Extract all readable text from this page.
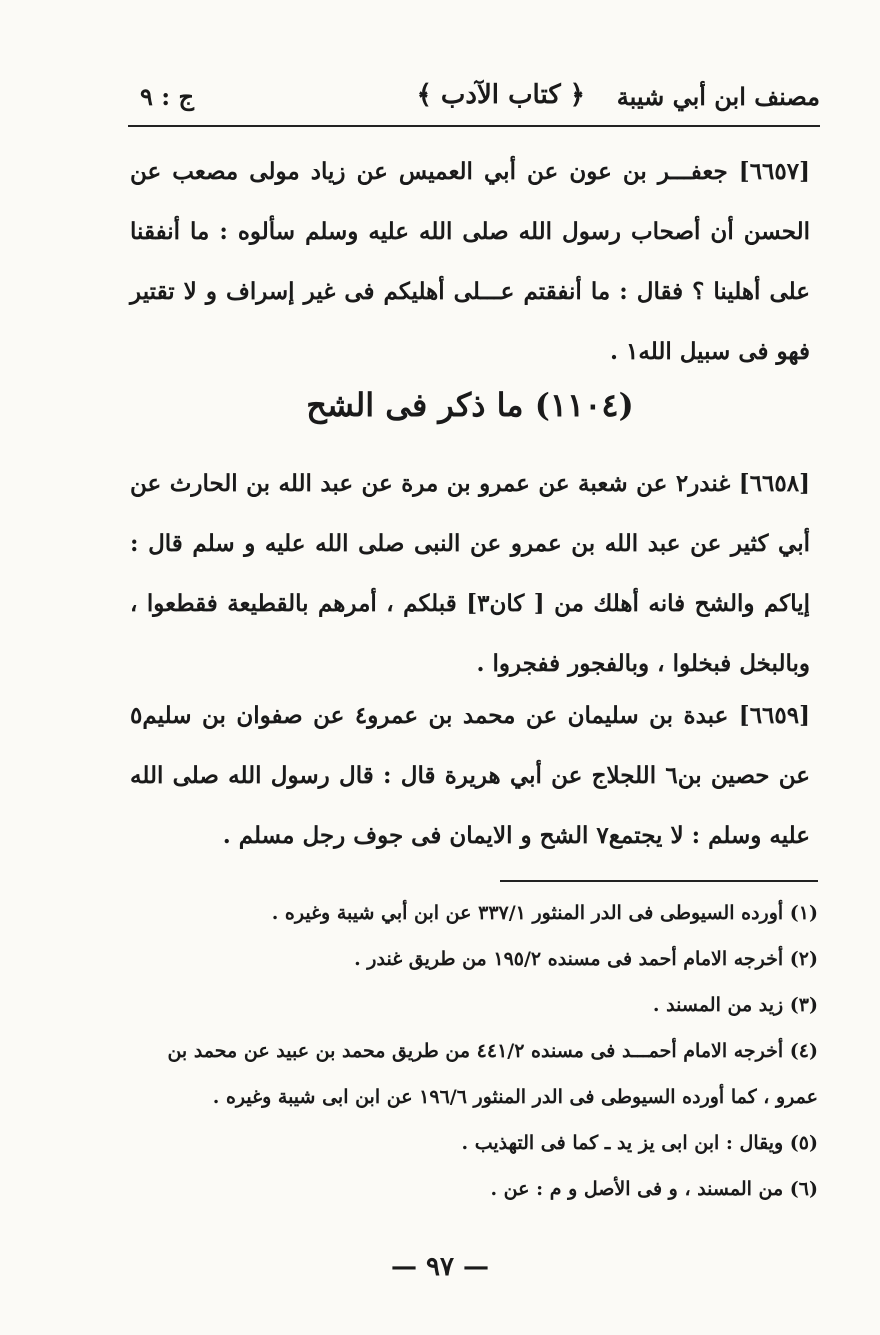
مصنف ابن أبي شيبة
﴿ كتاب الآدب ﴾
ج : ٩

[٦٦٥٧] جعفـــر بن عون عن أبي العميس عن زياد مولى مصعب عن الحسن أن أصحاب رسول الله صلى الله عليه وسلم سألوه : ما أنفقنا على أهلينا ؟ فقال : ما أنفقتم عـــلى أهليكم فى غير إسراف و لا تقتير فهو فى سبيل الله١ .

(١١٠٤) ما ذكر فى الشح

[٦٦٥٨] غندر٢ عن شعبة عن عمرو بن مرة عن عبد الله بن الحارث عن أبي كثير عن عبد الله بن عمرو عن النبى صلى الله عليه و سلم قال : إياكم والشح فانه أهلك من [ كان٣] قبلكم ، أمرهم بالقطيعة فقطعوا ، وبالبخل فبخلوا ، وبالفجور ففجروا .

[٦٦٥٩] عبدة بن سليمان عن محمد بن عمرو٤ عن صفوان بن سليم٥ عن حصين بن٦ اللجلاج عن أبي هريرة قال : قال رسول الله صلى الله عليه وسلم : لا يجتمع٧ الشح و الايمان فى جوف رجل مسلم .

(١) أورده السيوطى فى الدر المنثور ٣٣٧/١ عن ابن أبي شيبة وغيره .

(٢) أخرجه الامام أحمد فى مسنده ١٩٥/٢ من طريق غندر .

(٣) زيد من المسند .

(٤) أخرجه الامام أحمـــد فى مسنده ٤٤١/٢ من طريق محمد بن عبيد عن محمد بن

عمرو ، كما أورده السيوطى فى الدر المنثور ١٩٦/٦ عن ابن ابى شيبة وغيره .

(٥) ويقال : ابن ابى يز يد ـ كما فى التهذيب .

(٦) من المسند ، و فى الأصل و م : عن .

— ٩٧ —
